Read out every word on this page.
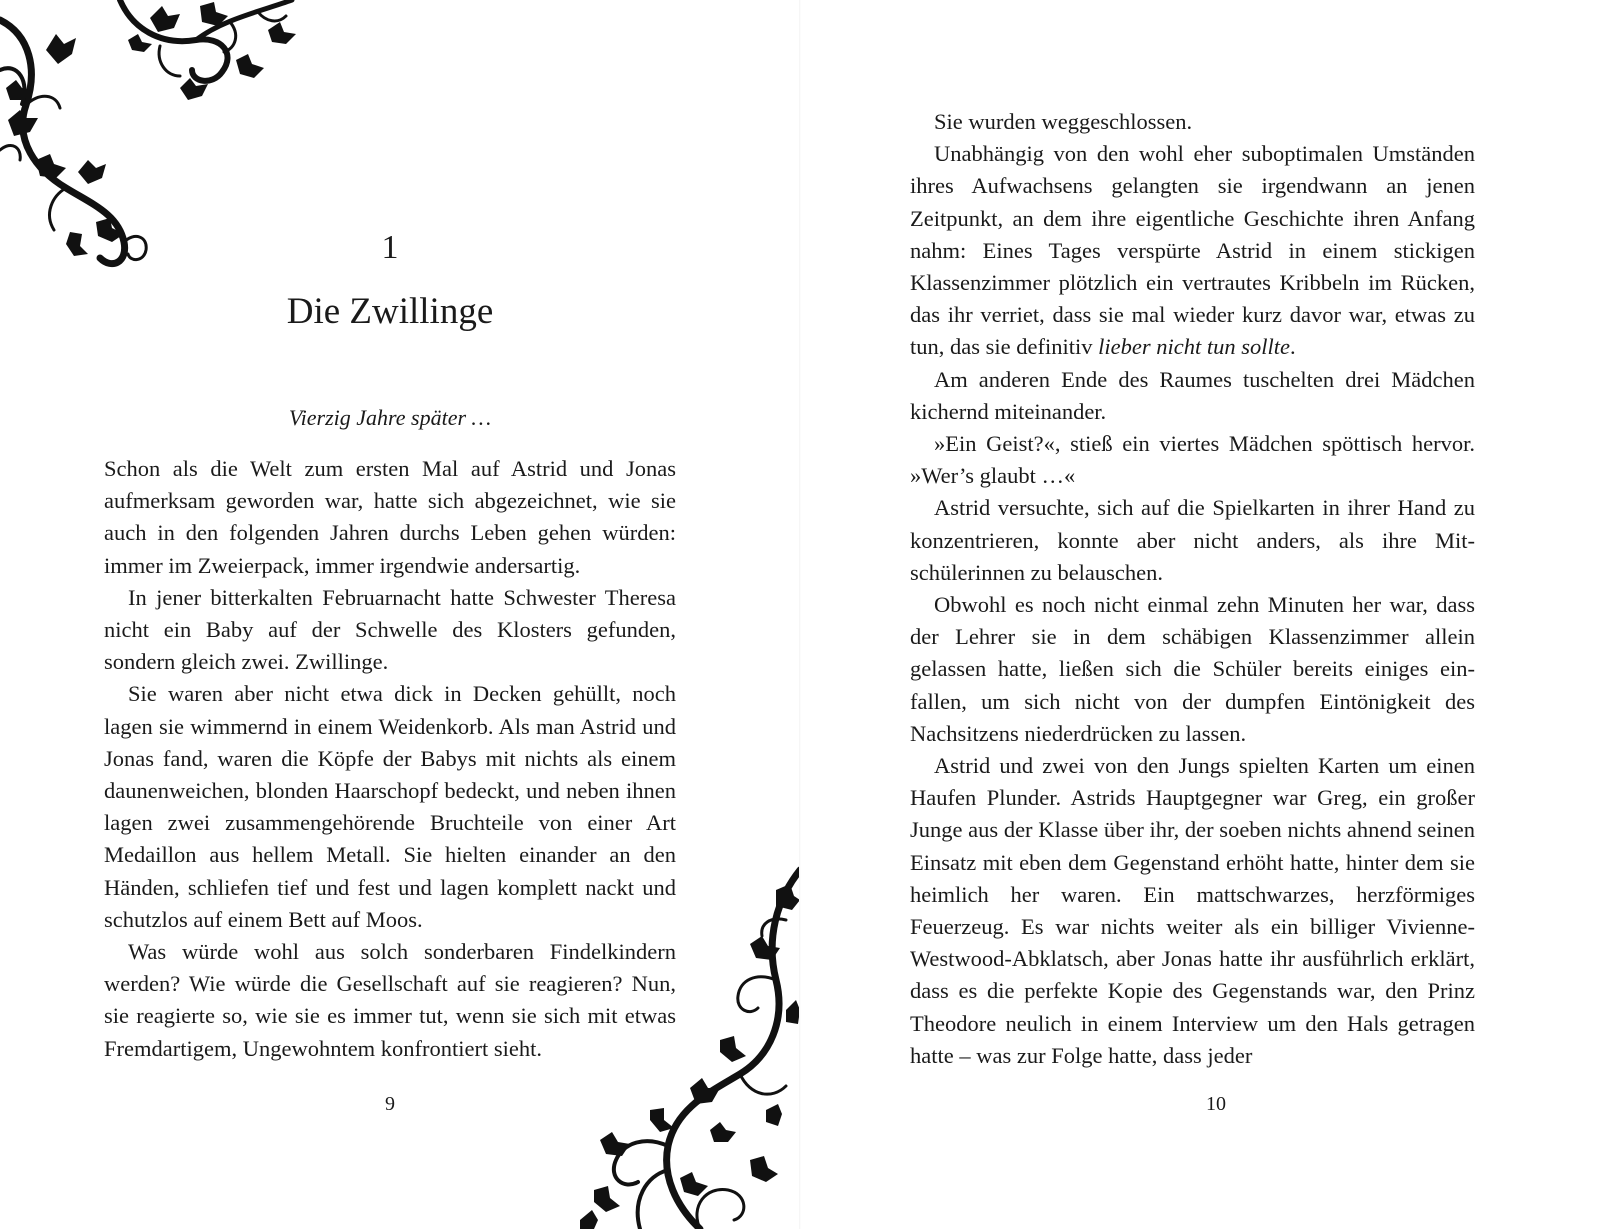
1
Die Zwillinge
Vierzig Jahre später …

Schon als die Welt zum ersten Mal auf Astrid und Jonas aufmerksam geworden war, hatte sich abgezeichnet, wie sie auch in den folgenden Jahren durchs Leben gehen würden: immer im Zweierpack, immer irgendwie andersartig.

In jener bitterkalten Februarnacht hatte Schwester Theresa nicht ein Baby auf der Schwelle des Klosters gefunden, sondern gleich zwei. Zwillinge.

Sie waren aber nicht etwa dick in Decken gehüllt, noch lagen sie wimmernd in einem Weidenkorb. Als man Astrid und Jonas fand, waren die Köpfe der Babys mit nichts als einem daunenweichen, blonden Haarschopf bedeckt, und neben ihnen lagen zwei zusammengehörende Bruchteile von einer Art Medaillon aus hellem Metall. Sie hielten einander an den Händen, schliefen tief und fest und lagen komplett nackt und schutzlos auf einem Bett auf Moos.

Was würde wohl aus solch sonderbaren Findelkindern werden? Wie würde die Gesellschaft auf sie reagieren? Nun, sie reagierte so, wie sie es immer tut, wenn sie sich mit etwas Fremdartigem, Ungewohntem konfrontiert sieht.

9

Sie wurden weggeschlossen.

Unabhängig von den wohl eher suboptimalen Umständen ihres Aufwachsens gelangten sie irgendwann an jenen Zeitpunkt, an dem ihre eigentliche Geschichte ihren Anfang nahm: Eines Tages verspürte Astrid in einem stickigen Klassenzimmer plötzlich ein vertrautes Kribbeln im Rücken, das ihr verriet, dass sie mal wieder kurz davor war, etwas zu tun, das sie definitiv lieber nicht tun sollte.

Am anderen Ende des Raumes tuschelten drei Mädchen kichernd miteinander.

»Ein Geist?«, stieß ein viertes Mädchen spöttisch hervor. »Wer’s glaubt …«

Astrid versuchte, sich auf die Spielkarten in ihrer Hand zu konzentrieren, konnte aber nicht anders, als ihre Mitschülerinnen zu belauschen.

Obwohl es noch nicht einmal zehn Minuten her war, dass der Lehrer sie in dem schäbigen Klassenzimmer allein gelassen hatte, ließen sich die Schüler bereits einiges einfallen, um sich nicht von der dumpfen Eintönigkeit des Nachsitzens niederdrücken zu lassen.

Astrid und zwei von den Jungs spielten Karten um einen Haufen Plunder. Astrids Hauptgegner war Greg, ein großer Junge aus der Klasse über ihr, der soeben nichts ahnend seinen Einsatz mit eben dem Gegenstand erhöht hatte, hinter dem sie heimlich her waren. Ein mattschwarzes, herzförmiges Feuerzeug. Es war nichts weiter als ein billiger Vivienne-Westwood-Abklatsch, aber Jonas hatte ihr ausführlich erklärt, dass es die perfekte Kopie des Gegenstands war, den Prinz Theodore neulich in einem Interview um den Hals getragen hatte – was zur Folge hatte, dass jeder

10
